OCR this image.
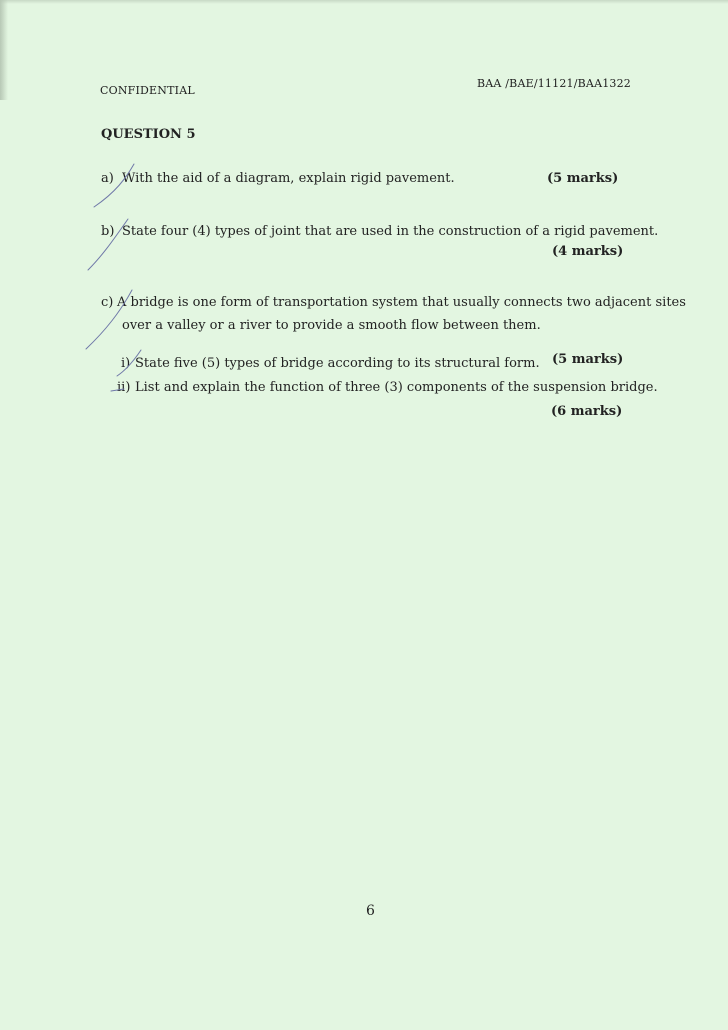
CONFIDENTIAL
BAA /BAE/11121/BAA1322
QUESTION 5
a) With the aid of a diagram, explain rigid pavement.	(5 marks)
b) State four (4) types of joint that are used in the construction of a rigid pavement.
(4 marks)
c) A bridge is one form of transportation system that usually connects two adjacent sites
over a valley or a river to provide a smooth flow between them.
i) State five (5) types of bridge according to its structural form. (5 marks)
ii) List and explain the function of three (3) components of the suspension bridge.
(6 marks)
6
